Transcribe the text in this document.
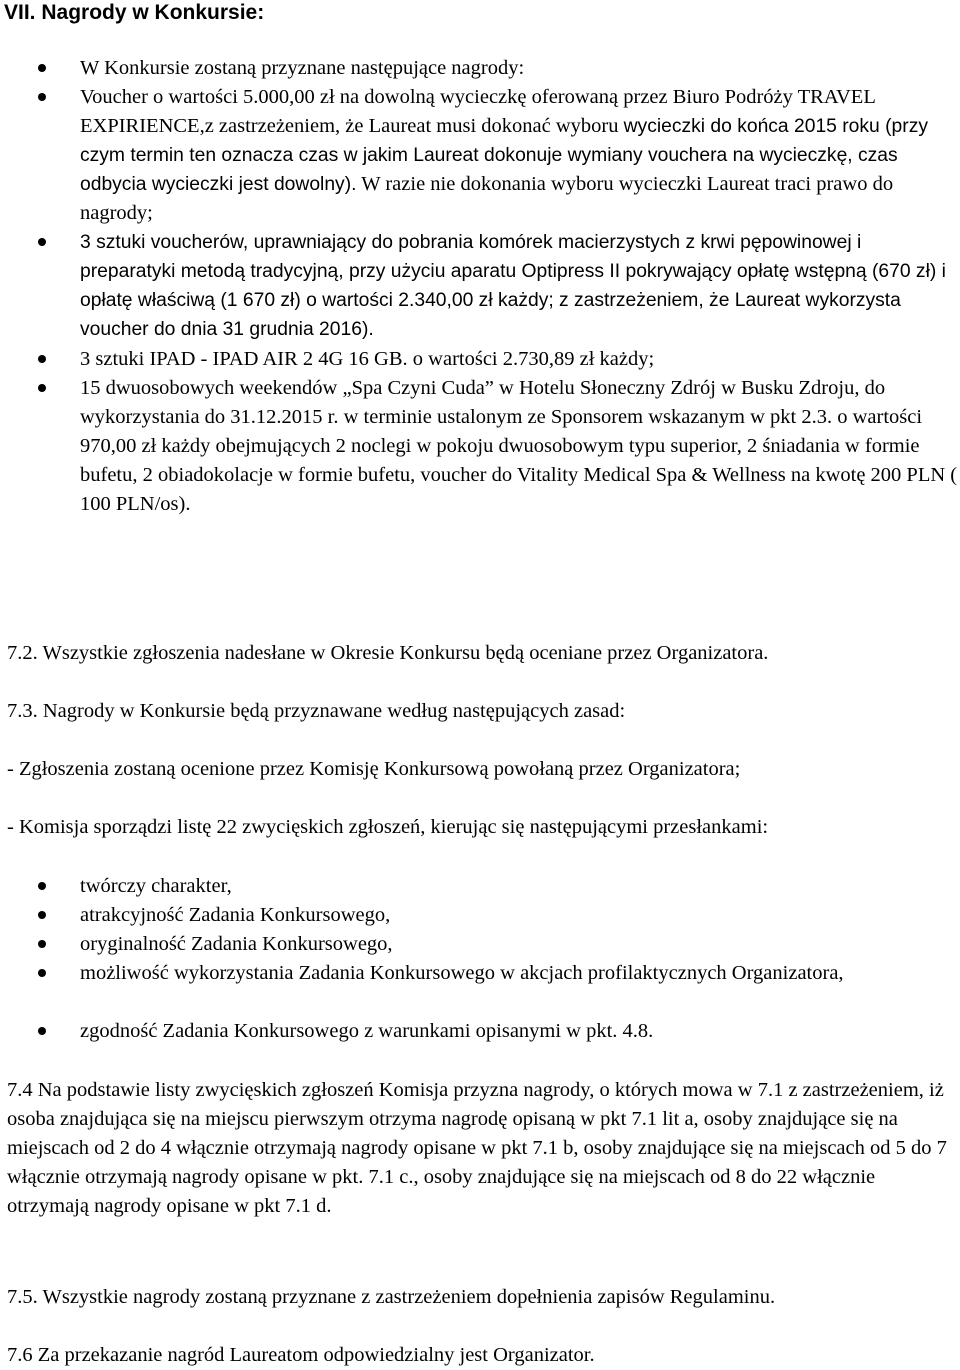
VII. Nagrody w Konkursie:
W Konkursie zostaną przyznane następujące nagrody:
Voucher o wartości 5.000,00 zł na dowolną wycieczkę oferowaną przez Biuro Podróży TRAVEL EXPIRIENCE,z zastrzeżeniem, że Laureat musi dokonać wyboru wycieczki do końca 2015 roku (przy czym termin ten oznacza czas w jakim Laureat dokonuje wymiany vouchera na wycieczkę, czas odbycia wycieczki jest dowolny). W razie nie dokonania wyboru wycieczki Laureat traci prawo do nagrody;
3 sztuki voucherów, uprawniający do pobrania komórek macierzystych z krwi pępowinowej i preparatyki metodą tradycyjną, przy użyciu aparatu Optipress II pokrywający opłatę wstępną (670 zł) i opłatę właściwą (1 670 zł) o wartości 2.340,00 zł każdy; z zastrzeżeniem, że Laureat wykorzysta voucher do dnia 31 grudnia 2016).
3 sztuki IPAD - IPAD AIR 2 4G 16 GB. o wartości 2.730,89 zł każdy;
15 dwuosobowych weekendów „Spa Czyni Cuda” w Hotelu Słoneczny Zdrój w Busku Zdroju, do wykorzystania do 31.12.2015 r. w terminie ustalonym ze Sponsorem wskazanym w pkt 2.3. o wartości 970,00 zł każdy obejmujących 2 noclegi w pokoju dwuosobowym typu superior, 2 śniadania w formie bufetu, 2 obiadokolacje w formie bufetu, voucher do Vitality Medical Spa & Wellness na kwotę 200 PLN ( 100 PLN/os).
7.2. Wszystkie zgłoszenia nadesłane w Okresie Konkursu będą oceniane przez Organizatora.
7.3. Nagrody w Konkursie będą przyznawane według następujących zasad:
- Zgłoszenia zostaną ocenione przez Komisję Konkursową powołaną przez Organizatora;
- Komisja sporządzi listę 22 zwycięskich zgłoszeń, kierując się następującymi przesłankami:
twórczy charakter,
atrakcyjność Zadania Konkursowego,
oryginalność Zadania Konkursowego,
możliwość wykorzystania Zadania Konkursowego w akcjach profilaktycznych Organizatora,
zgodność Zadania Konkursowego z warunkami opisanymi w pkt. 4.8.
7.4 Na podstawie listy zwycięskich zgłoszeń Komisja przyzna nagrody, o których mowa w 7.1 z zastrzeżeniem, iż osoba znajdująca się na miejscu pierwszym otrzyma nagrodę opisaną w pkt 7.1 lit a, osoby znajdujące się na miejscach od 2 do 4 włącznie otrzymają nagrody opisane w pkt 7.1 b, osoby znajdujące się na miejscach od 5 do 7 włącznie otrzymają nagrody opisane w pkt. 7.1 c., osoby znajdujące się na miejscach od 8 do 22 włącznie otrzymają nagrody opisane w pkt 7.1 d.
7.5. Wszystkie nagrody zostaną przyznane z zastrzeżeniem dopełnienia zapisów Regulaminu.
7.6 Za przekazanie nagród Laureatom odpowiedzialny jest Organizator.
